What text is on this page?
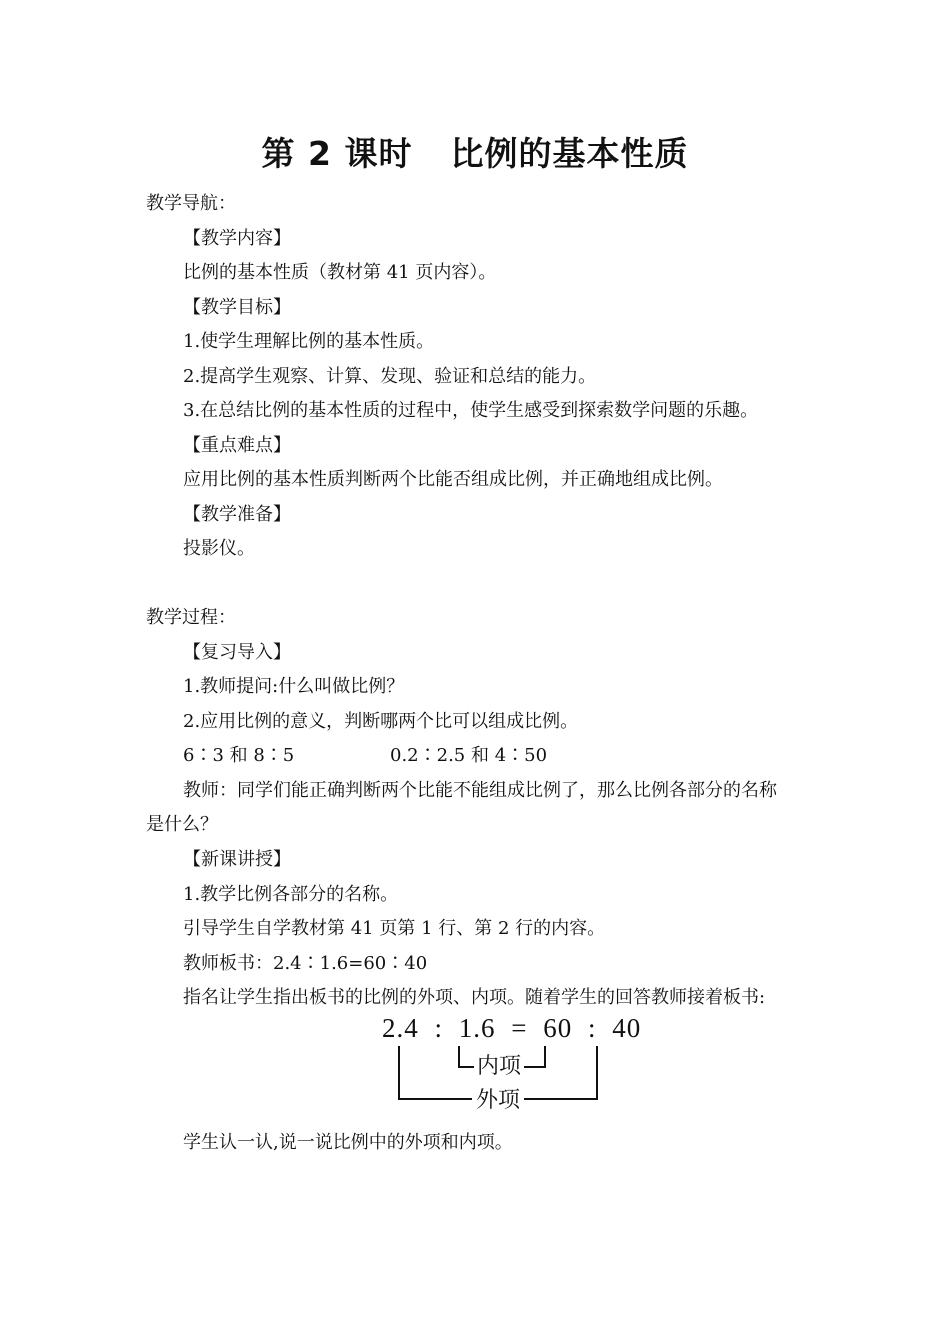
第 2 课时 比例的基本性质
教学导航：
【教学内容】
比例的基本性质（教材第 41 页内容）。
【教学目标】
1.使学生理解比例的基本性质。
2.提高学生观察、计算、发现、验证和总结的能力。
3.在总结比例的基本性质的过程中，使学生感受到探索数学问题的乐趣。
【重点难点】
应用比例的基本性质判断两个比能否组成比例，并正确地组成比例。
【教学准备】
投影仪。
教学过程：
【复习导入】
1.教师提问:什么叫做比例？
2.应用比例的意义，判断哪两个比可以组成比例。
6∶3 和 8∶5	0.2∶2.5 和 4∶50
教师：同学们能正确判断两个比能不能组成比例了，那么比例各部分的名称
是什么？
【新课讲授】
1.教学比例各部分的名称。
引导学生自学教材第 41 页第 1 行、第 2 行的内容。
教师板书：2.4∶1.6=60∶40
指名让学生指出板书的比例的外项、内项。随着学生的回答教师接着板书:
2.4 : 1.6 = 60 : 40
内项
外项
学生认一认,说一说比例中的外项和内项。
